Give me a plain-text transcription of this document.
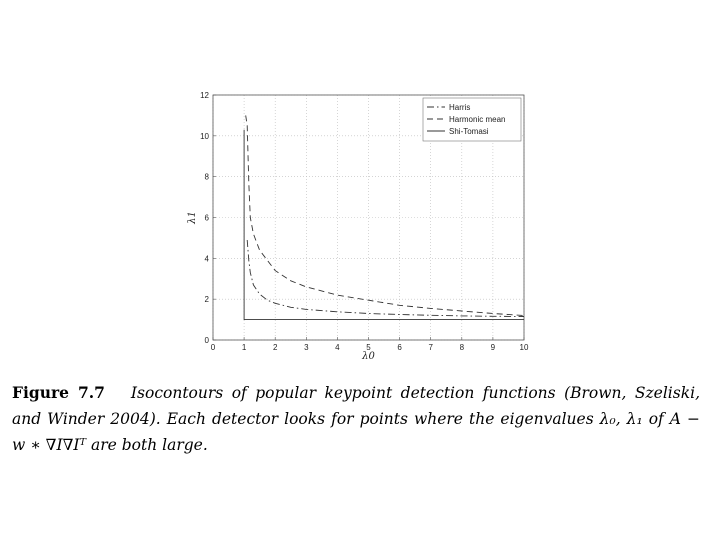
0	1	2	3	4	5	6	7	8	9	10
0
2
4
6
8
10
12
λ0
λ1
Harris
Harmonic mean
Shi-Tomasi
Figure 7.7 Isocontours of popular keypoint detection functions (Brown, Szeliski, and Winder 2004). Each detector looks for points where the eigenvalues λ₀, λ₁ of A − w ∗ ∇I∇Iᵀ are both large.
